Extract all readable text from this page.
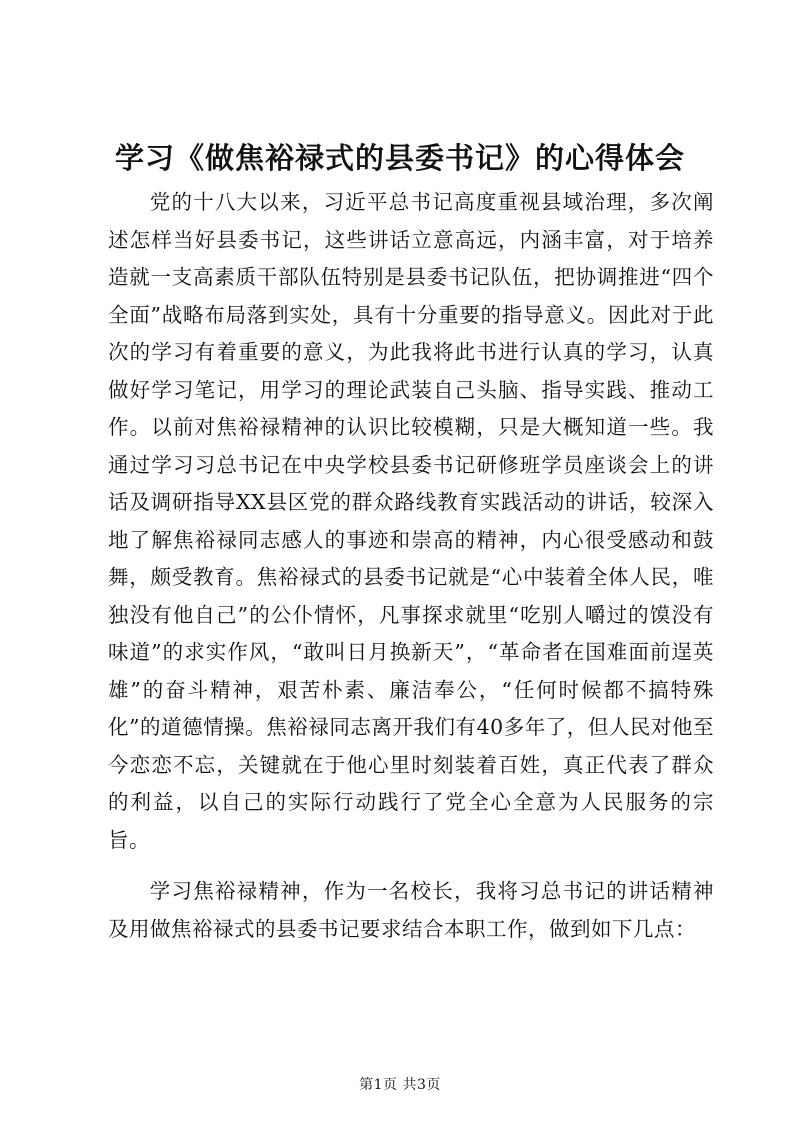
学习《做焦裕禄式的县委书记》的心得体会

党的十八大以来，习近平总书记高度重视县域治理，多次阐述怎样当好县委书记，这些讲话立意高远，内涵丰富，对于培养造就一支高素质干部队伍特别是县委书记队伍，把协调推进“四个全面”战略布局落到实处，具有十分重要的指导意义。因此对于此次的学习有着重要的意义，为此我将此书进行认真的学习，认真做好学习笔记，用学习的理论武装自己头脑、指导实践、推动工作。以前对焦裕禄精神的认识比较模糊，只是大概知道一些。我通过学习习总书记在中央学校县委书记研修班学员座谈会上的讲话及调研指导XX县区党的群众路线教育实践活动的讲话，较深入地了解焦裕禄同志感人的事迹和崇高的精神，内心很受感动和鼓舞，颇受教育。焦裕禄式的县委书记就是“心中装着全体人民，唯独没有他自己”的公仆情怀，凡事探求就里“吃别人嚼过的馍没有味道”的求实作风，“敢叫日月换新天”，“革命者在国难面前逞英雄”的奋斗精神，艰苦朴素、廉洁奉公，“任何时候都不搞特殊化”的道德情操。焦裕禄同志离开我们有40多年了，但人民对他至今恋恋不忘，关键就在于他心里时刻装着百姓，真正代表了群众的利益，以自己的实际行动践行了党全心全意为人民服务的宗旨。

学习焦裕禄精神，作为一名校长，我将习总书记的讲话精神及用做焦裕禄式的县委书记要求结合本职工作，做到如下几点：

第1页 共3页
